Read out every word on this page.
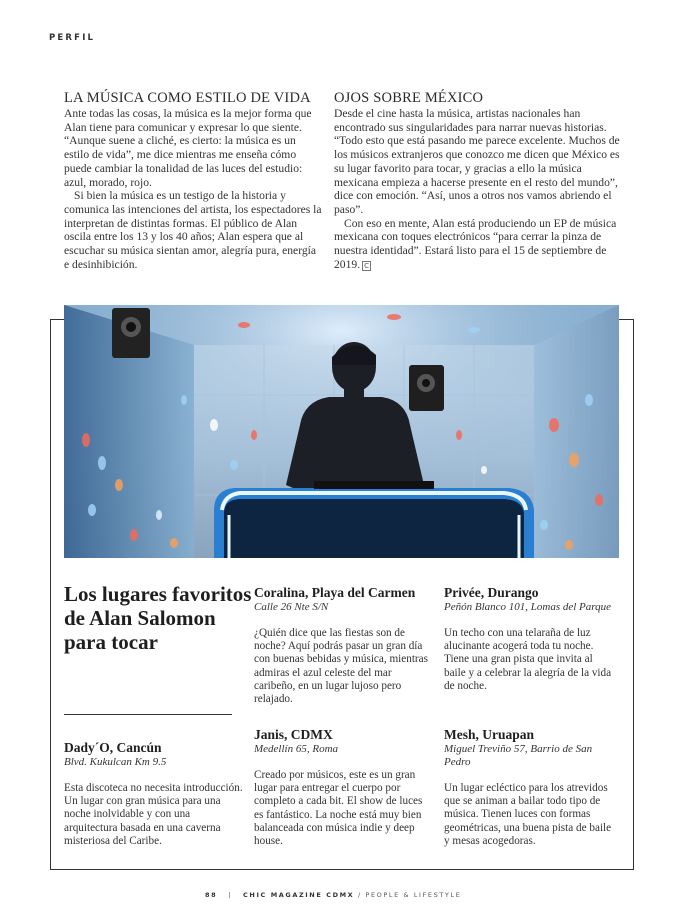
PERFIL
LA MÚSICA COMO ESTILO DE VIDA

Ante todas las cosas, la música es la mejor forma que Alan tiene para comunicar y expresar lo que siente. “Aunque suene a cliché, es cierto: la música es un estilo de vida”, me dice mientras me enseña cómo puede cambiar la tonalidad de las luces del estudio: azul, morado, rojo.

Si bien la música es un testigo de la historia y comunica las intenciones del artista, los espectadores la interpretan de distintas formas. El público de Alan oscila entre los 13 y los 40 años; Alan espera que al escuchar su música sientan amor, alegría pura, energía e desinhibición.

OJOS SOBRE MÉXICO

Desde el cine hasta la música, artistas nacionales han encontrado sus singularidades para narrar nuevas historias. “Todo esto que está pasando me parece excelente. Muchos de los músicos extranjeros que conozco me dicen que México es su lugar favorito para tocar, y gracias a ello la música mexicana empieza a hacerse presente en el resto del mundo”, dice con emoción. “Así, unos a otros nos vamos abriendo el paso”.

Con eso en mente, Alan está produciendo un EP de música mexicana con toques electrónicos “para cerrar la pinza de nuestra identidad”. Estará listo para el 15 de septiembre de 2019. C

Los lugares favoritos de Alan Salomon para tocar
Dady´O, Cancún
Blvd. Kukulcan Km 9.5

Esta discoteca no necesita introducción. Un lugar con gran música para una noche inolvidable y con una arquitectura basada en una caverna misteriosa del Caribe.

Coralina, Playa del Carmen
Calle 26 Nte S/N

¿Quién dice que las fiestas son de noche? Aquí podrás pasar un gran día con buenas bebidas y música, mientras admiras el azul celeste del mar caribeño, en un lugar lujoso pero relajado.

Janis, CDMX
Medellín 65, Roma

Creado por músicos, este es un gran lugar para entregar el cuerpo por completo a cada bit. El show de luces es fantástico. La noche está muy bien balanceada con música indie y deep house.

Privée, Durango
Peñón Blanco 101, Lomas del Parque

Un techo con una telaraña de luz alucinante acogerá toda tu noche. Tiene una gran pista que invita al baile y a celebrar la alegría de la vida de noche.

Mesh, Uruapan
Miguel Treviño 57, Barrio de San Pedro

Un lugar ecléctico para los atrevidos que se animan a bailar todo tipo de música. Tienen luces con formas geométricas, una buena pista de baile y mesas acogedoras.

88 | CHIC MAGAZINE CDMX / PEOPLE & LIFESTYLE
